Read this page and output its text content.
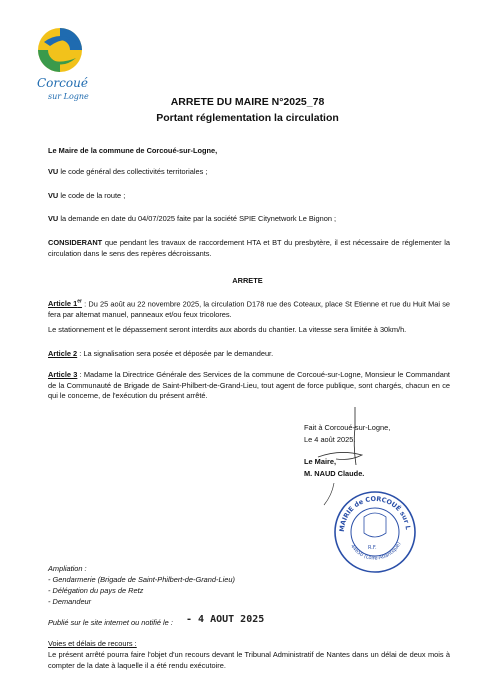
Corcoué
sur Logne	ARRETE DU MAIRE N°2025_78
Portant réglementation la circulation
Le Maire de la commune de Corcoué-sur-Logne,
VU le code général des collectivités territoriales ;
VU le code de la route ;
VU la demande en date du 04/07/2025 faite par la société SPIE Citynetwork Le Bignon ;
CONSIDERANT que pendant les travaux de raccordement HTA et BT du presbytère, il est nécessaire de réglementer la circulation dans le sens des repères décroissants.
ARRETE
Article 1er : Du 25 août au 22 novembre 2025, la circulation D178 rue des Coteaux, place St Etienne et rue du Huit Mai se fera par alternat manuel, panneaux et/ou feux tricolores.
Le stationnement et le dépassement seront interdits aux abords du chantier. La vitesse sera limitée à 30km/h.
Article 2 : La signalisation sera posée et déposée par le demandeur.
Article 3 : Madame la Directrice Générale des Services de la commune de Corcoué-sur-Logne, Monsieur le Commandant de la Communauté de Brigade de Saint-Philbert-de-Grand-Lieu, tout agent de force publique, sont chargés, chacun en ce qui le concerne, de l'exécution du présent arrêté.
Fait à Corcoué-sur-Logne,
Le 4 août 2025.
Le Maire,
M. NAUD Claude.
MAIRIE de CORCOUÉ sur L
44650 (Loire-Atlantique)
R.F.
Ampliation :
- Gendarmerie (Brigade de Saint-Philbert-de-Grand-Lieu)
- Délégation du pays de Retz
- Demandeur
Publié sur le site internet ou notifié le : - 4 AOUT 2025
Voies et délais de recours :
Le présent arrêté pourra faire l'objet d'un recours devant le Tribunal Administratif de Nantes dans un délai de deux mois à compter de la date à laquelle il a été rendu exécutoire.
